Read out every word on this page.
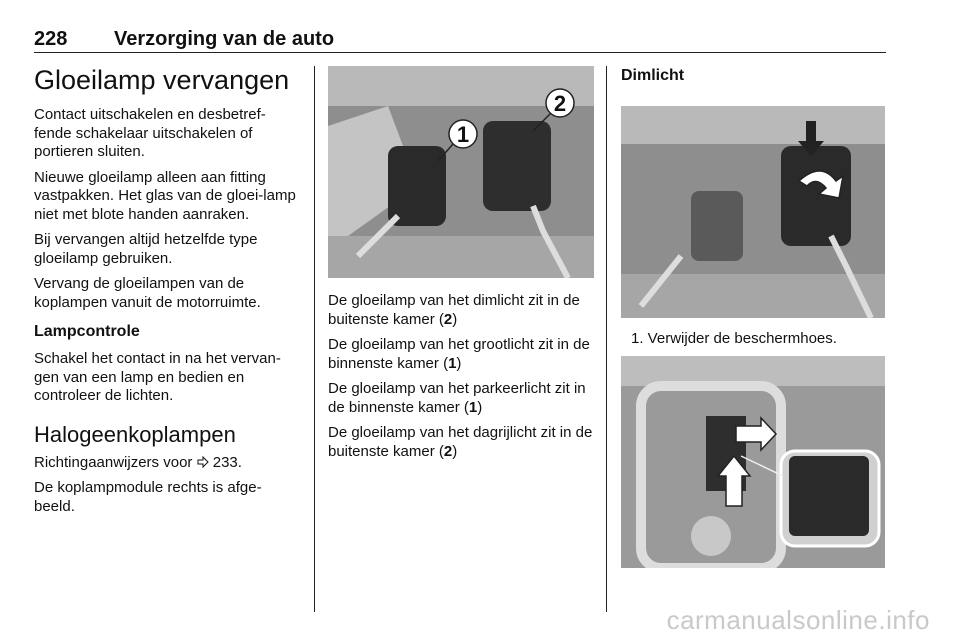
228 Verzorging van de auto
Gloeilamp vervangen

Contact uitschakelen en desbetref-fende schakelaar uitschakelen of portieren sluiten.

Nieuwe gloeilamp alleen aan fitting vastpakken. Het glas van de gloei-lamp niet met blote handen aanraken.

Bij vervangen altijd hetzelfde type gloeilamp gebruiken.

Vervang de gloeilampen van de koplampen vanuit de motorruimte.

Lampcontrole

Schakel het contact in na het vervan-gen van een lamp en bedien en controleer de lichten.

Halogeenkoplampen

Richtingaanwijzers voor 233.

De koplampmodule rechts is afge-beeld.

1
2

De gloeilamp van het dimlicht zit in de buitenste kamer (2)

De gloeilamp van het grootlicht zit in de binnenste kamer (1)

De gloeilamp van het parkeerlicht zit in de binnenste kamer (1)

De gloeilamp van het dagrijlicht zit in de buitenste kamer (2)

Dimlicht

1. Verwijder de beschermhoes.

carmanualsonline.info
